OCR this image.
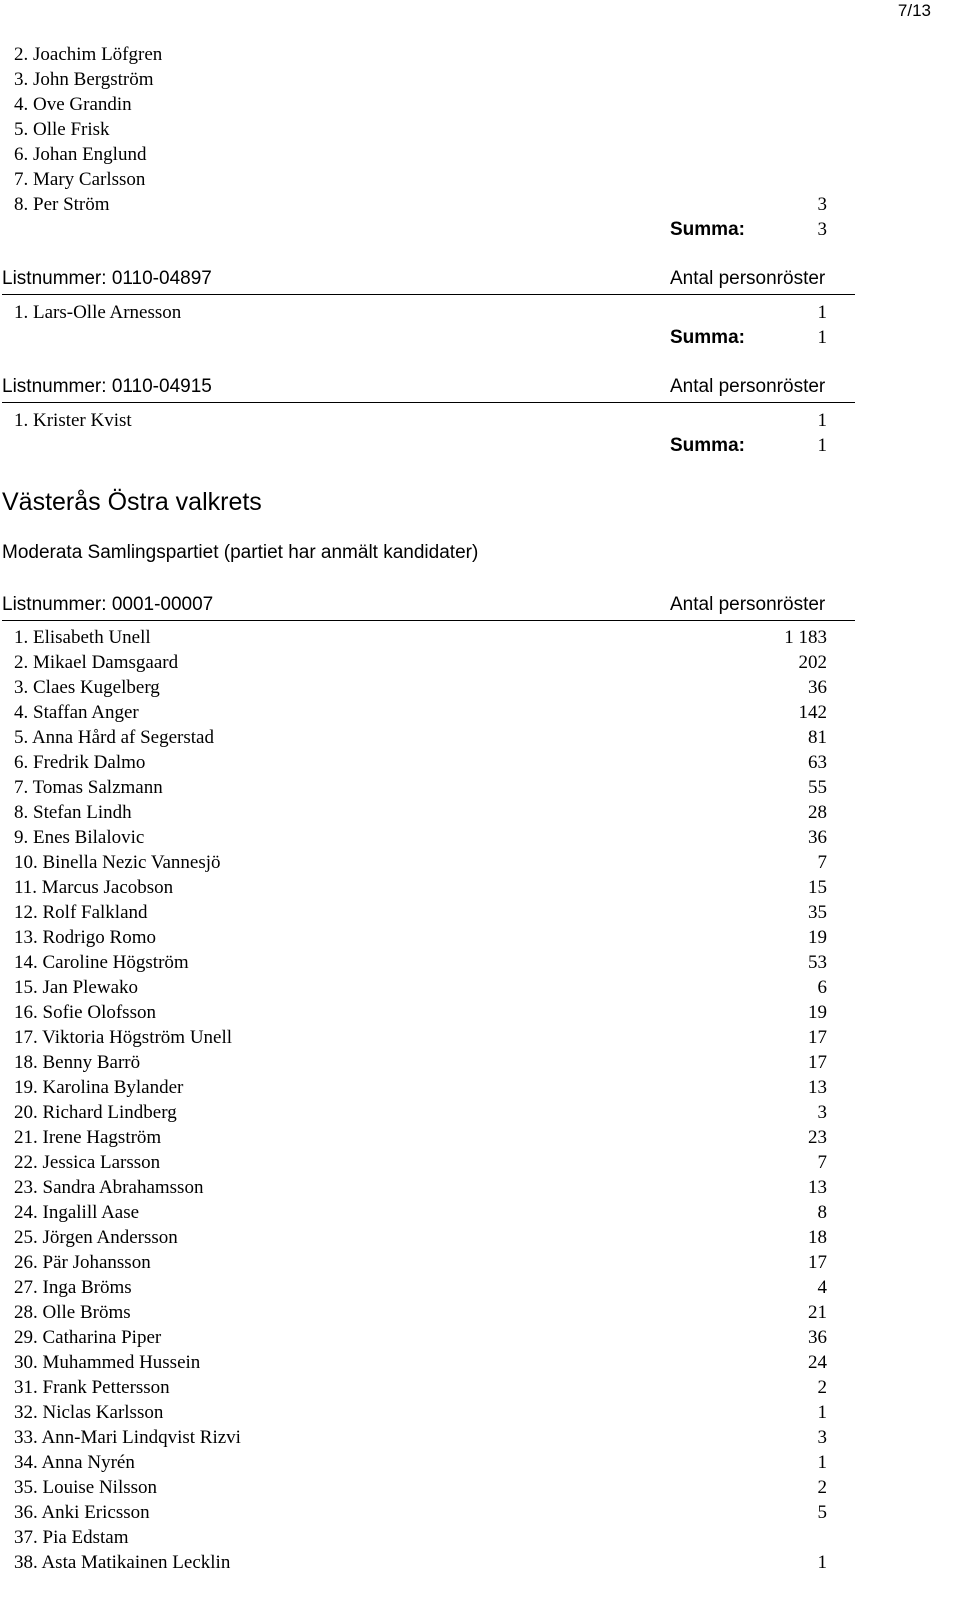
7/13
2. Joachim Löfgren
3. John Bergström
4. Ove Grandin
5. Olle Frisk
6. Johan Englund
7. Mary Carlsson
8. Per Ström	3
Summa:	3
Listnummer: 0110-04897	Antal personröster
1. Lars-Olle Arnesson	1
Summa:	1
Listnummer: 0110-04915	Antal personröster
1. Krister Kvist	1
Summa:	1
Västerås Östra valkrets
Moderata Samlingspartiet (partiet har anmält kandidater)
Listnummer: 0001-00007	Antal personröster
1. Elisabeth Unell	1 183
2. Mikael Damsgaard	202
3. Claes Kugelberg	36
4. Staffan Anger	142
5. Anna Hård af Segerstad	81
6. Fredrik Dalmo	63
7. Tomas Salzmann	55
8. Stefan Lindh	28
9. Enes Bilalovic	36
10. Binella Nezic Vannesjö	7
11. Marcus Jacobson	15
12. Rolf Falkland	35
13. Rodrigo Romo	19
14. Caroline Högström	53
15. Jan Plewako	6
16. Sofie Olofsson	19
17. Viktoria Högström Unell	17
18. Benny Barrö	17
19. Karolina Bylander	13
20. Richard Lindberg	3
21. Irene Hagström	23
22. Jessica Larsson	7
23. Sandra Abrahamsson	13
24. Ingalill Aase	8
25. Jörgen Andersson	18
26. Pär Johansson	17
27. Inga Bröms	4
28. Olle Bröms	21
29. Catharina Piper	36
30. Muhammed Hussein	24
31. Frank Pettersson	2
32. Niclas Karlsson	1
33. Ann-Mari Lindqvist Rizvi	3
34. Anna Nyrén	1
35. Louise Nilsson	2
36. Anki Ericsson	5
37. Pia Edstam
38. Asta Matikainen Lecklin	1
